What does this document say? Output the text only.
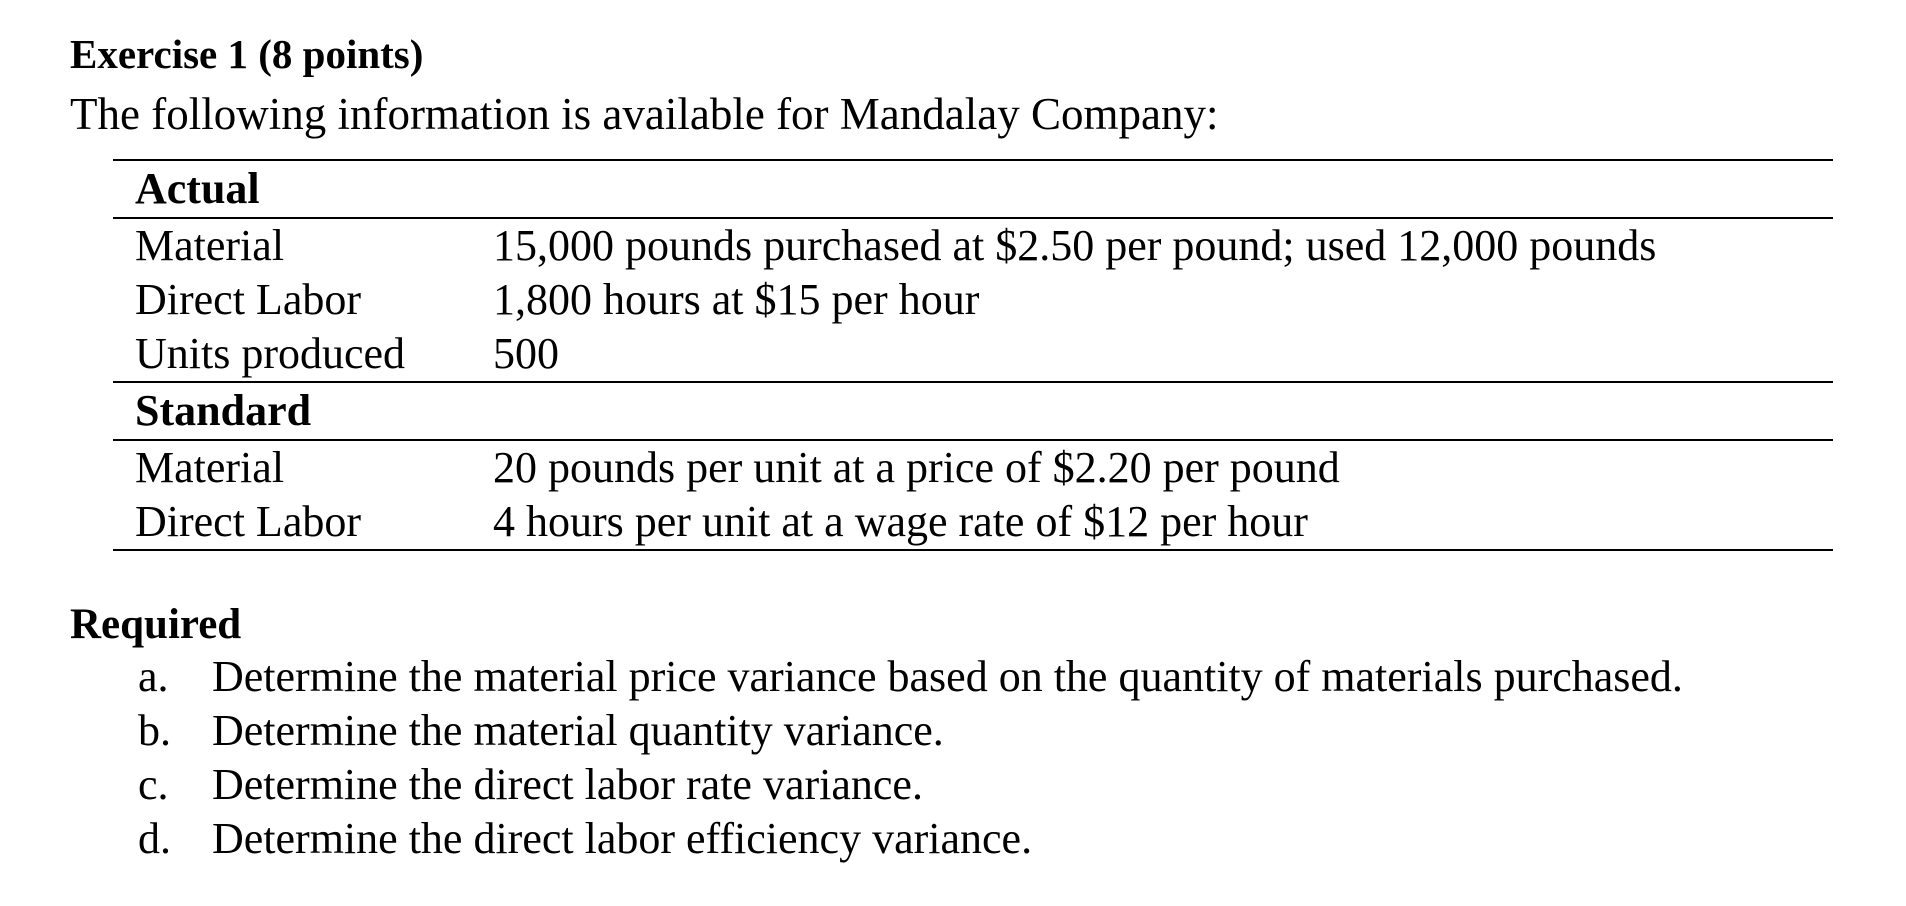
Exercise 1 (8 points)
The following information is available for Mandalay Company:
Actual	
Material	15,000 pounds purchased at $2.50 per pound; used 12,000 pounds
Direct Labor	1,800 hours at $15 per hour
Units produced	500
Standard	
Material	20 pounds per unit at a price of $2.20 per pound
Direct Labor	4 hours per unit at a wage rate of $12 per hour
Required
a. Determine the material price variance based on the quantity of materials purchased.
b. Determine the material quantity variance.
c. Determine the direct labor rate variance.
d. Determine the direct labor efficiency variance.
